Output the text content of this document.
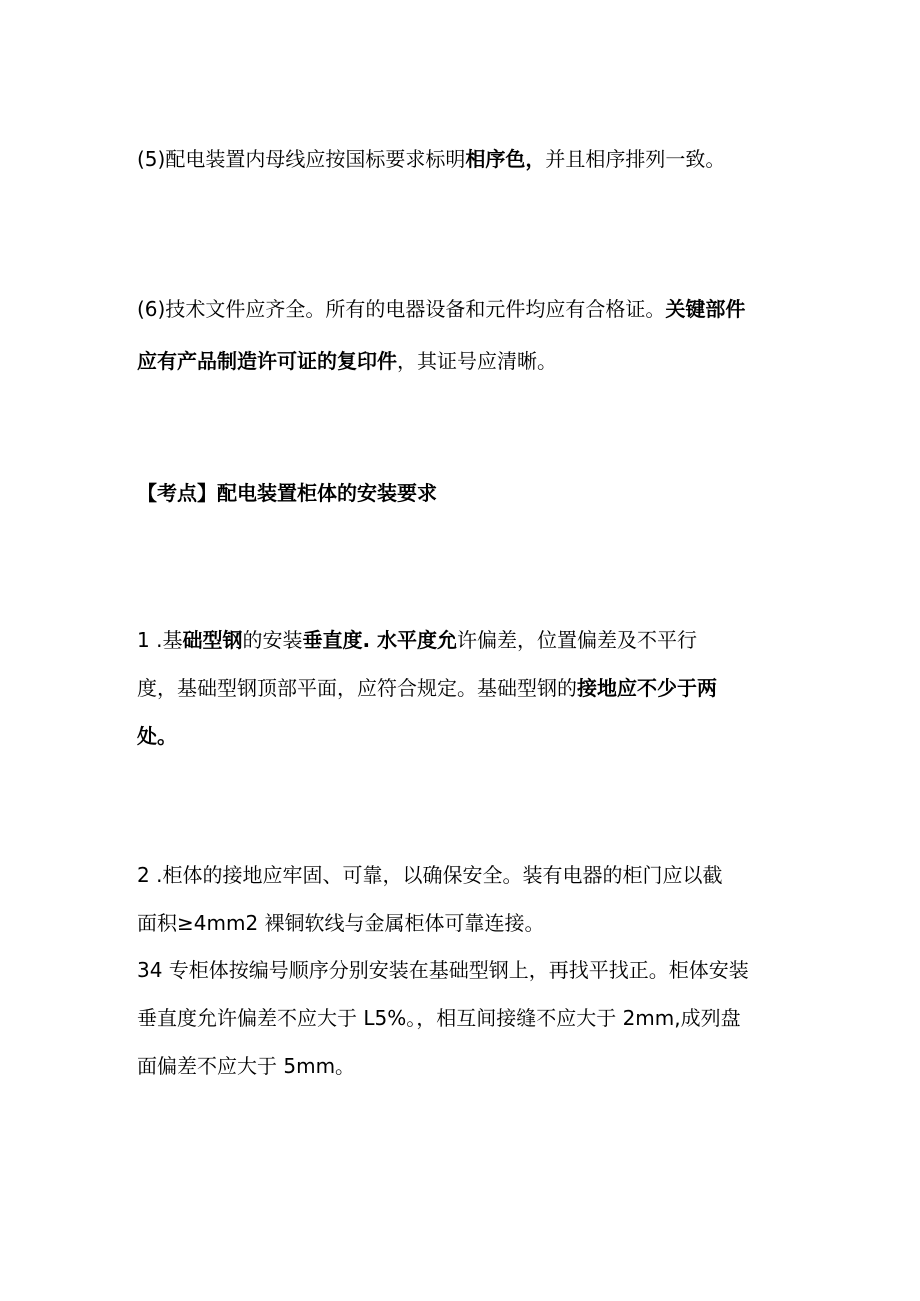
(5)配电装置内母线应按国标要求标明相序色，并且相序排列一致。

(6)技术文件应齐全。所有的电器设备和元件均应有合格证。关键部件
应有产品制造许可证的复印件，其证号应清晰。

【考点】配电装置柜体的安装要求

1 .基础型钢的安装垂直度. 水平度允许偏差，位置偏差及不平行
度，基础型钢顶部平面，应符合规定。基础型钢的接地应不少于两
处。

2 .柜体的接地应牢固、可靠，以确保安全。装有电器的柜门应以截
面积≥4mm2 裸铜软线与金属柜体可靠连接。

34 专柜体按编号顺序分别安装在基础型钢上，再找平找正。柜体安装
垂直度允许偏差不应大于 L5%。，相互间接缝不应大于 2mm,成列盘
面偏差不应大于 5mm。
